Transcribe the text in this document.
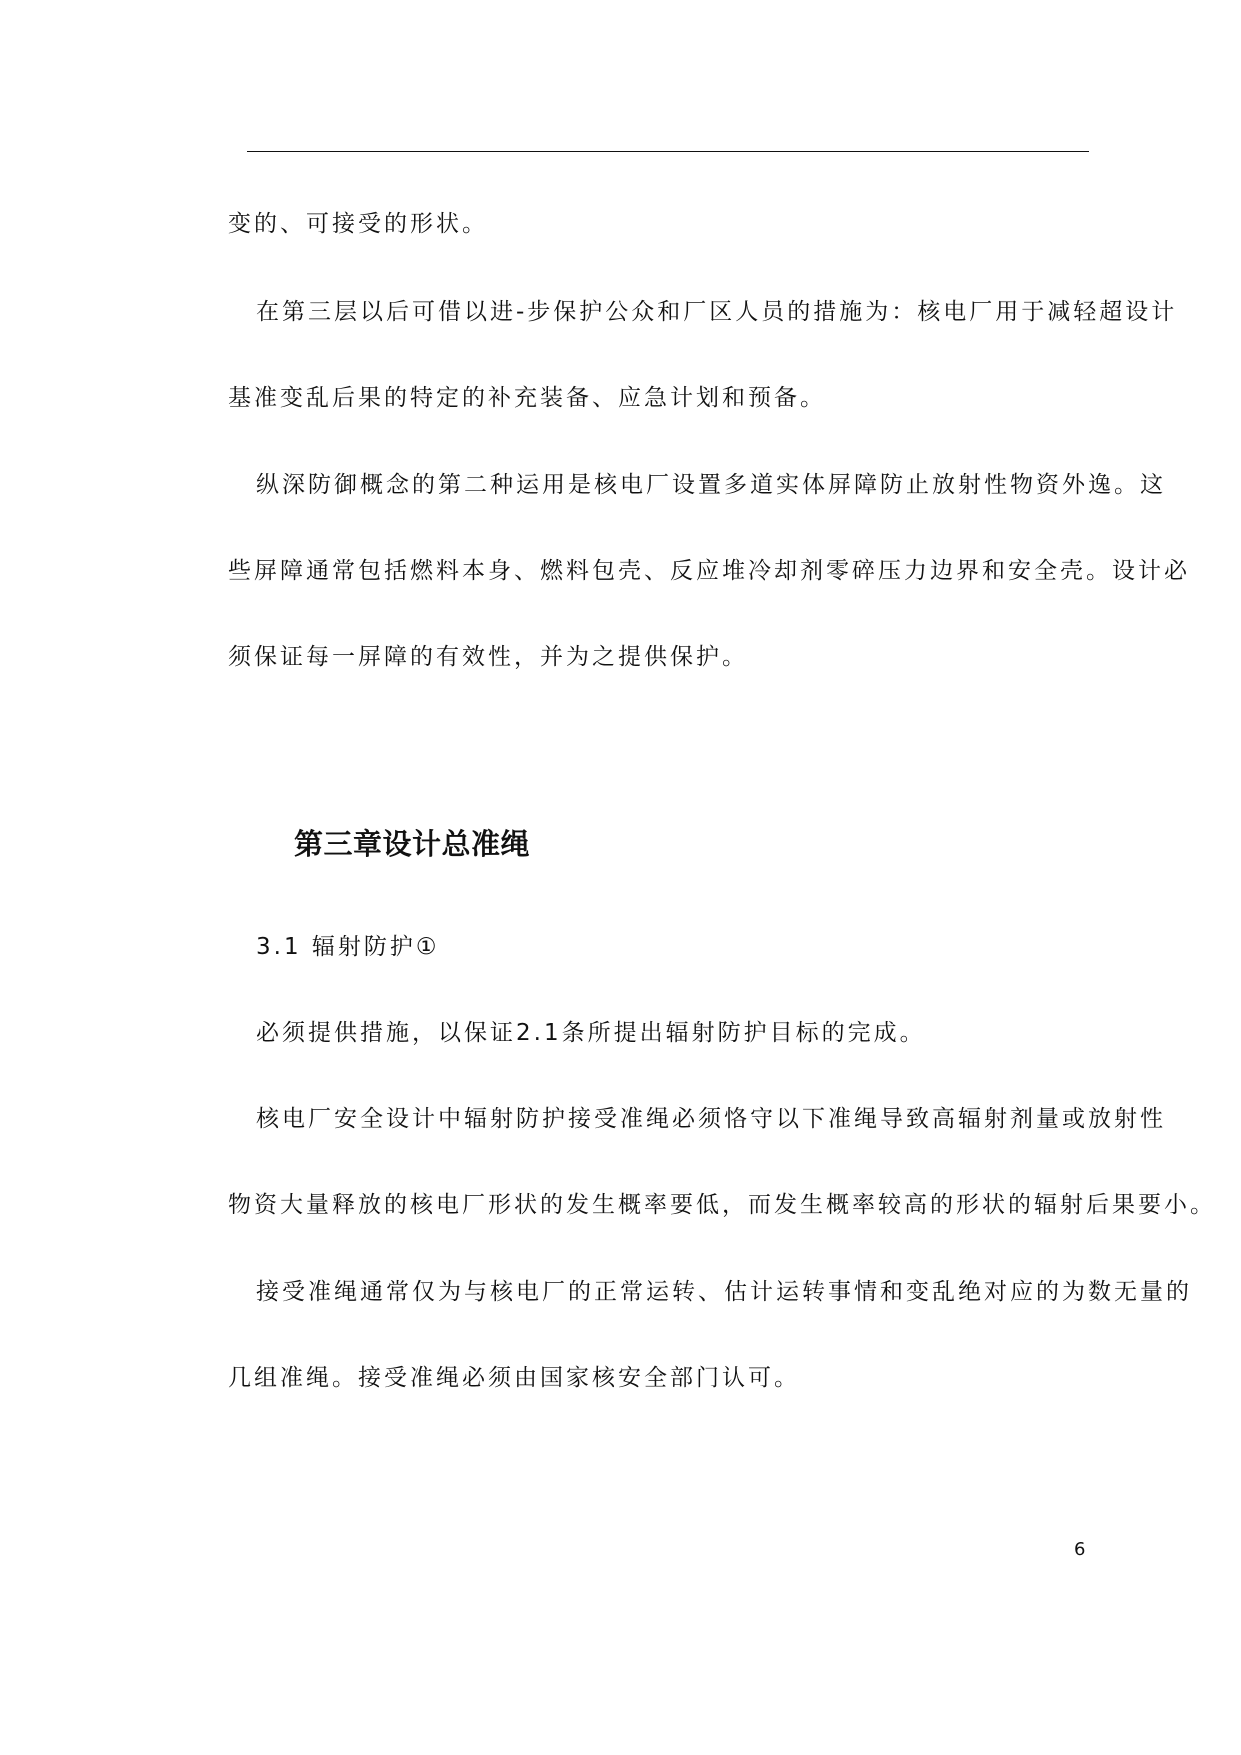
变的、可接受的形状。
在第三层以后可借以进-步保护公众和厂区人员的措施为：核电厂用于减轻超设计
基准变乱后果的特定的补充装备、应急计划和预备。
纵深防御概念的第二种运用是核电厂设置多道实体屏障防止放射性物资外逸。这
些屏障通常包括燃料本身、燃料包壳、反应堆冷却剂零碎压力边界和安全壳。设计必
须保证每一屏障的有效性，并为之提供保护。
第三章设计总准绳
3.1 辐射防护①
必须提供措施，以保证2.1条所提出辐射防护目标的完成。
核电厂安全设计中辐射防护接受准绳必须恪守以下准绳导致高辐射剂量或放射性
物资大量释放的核电厂形状的发生概率要低，而发生概率较高的形状的辐射后果要小。
接受准绳通常仅为与核电厂的正常运转、估计运转事情和变乱绝对应的为数无量的
几组准绳。接受准绳必须由国家核安全部门认可。
6
